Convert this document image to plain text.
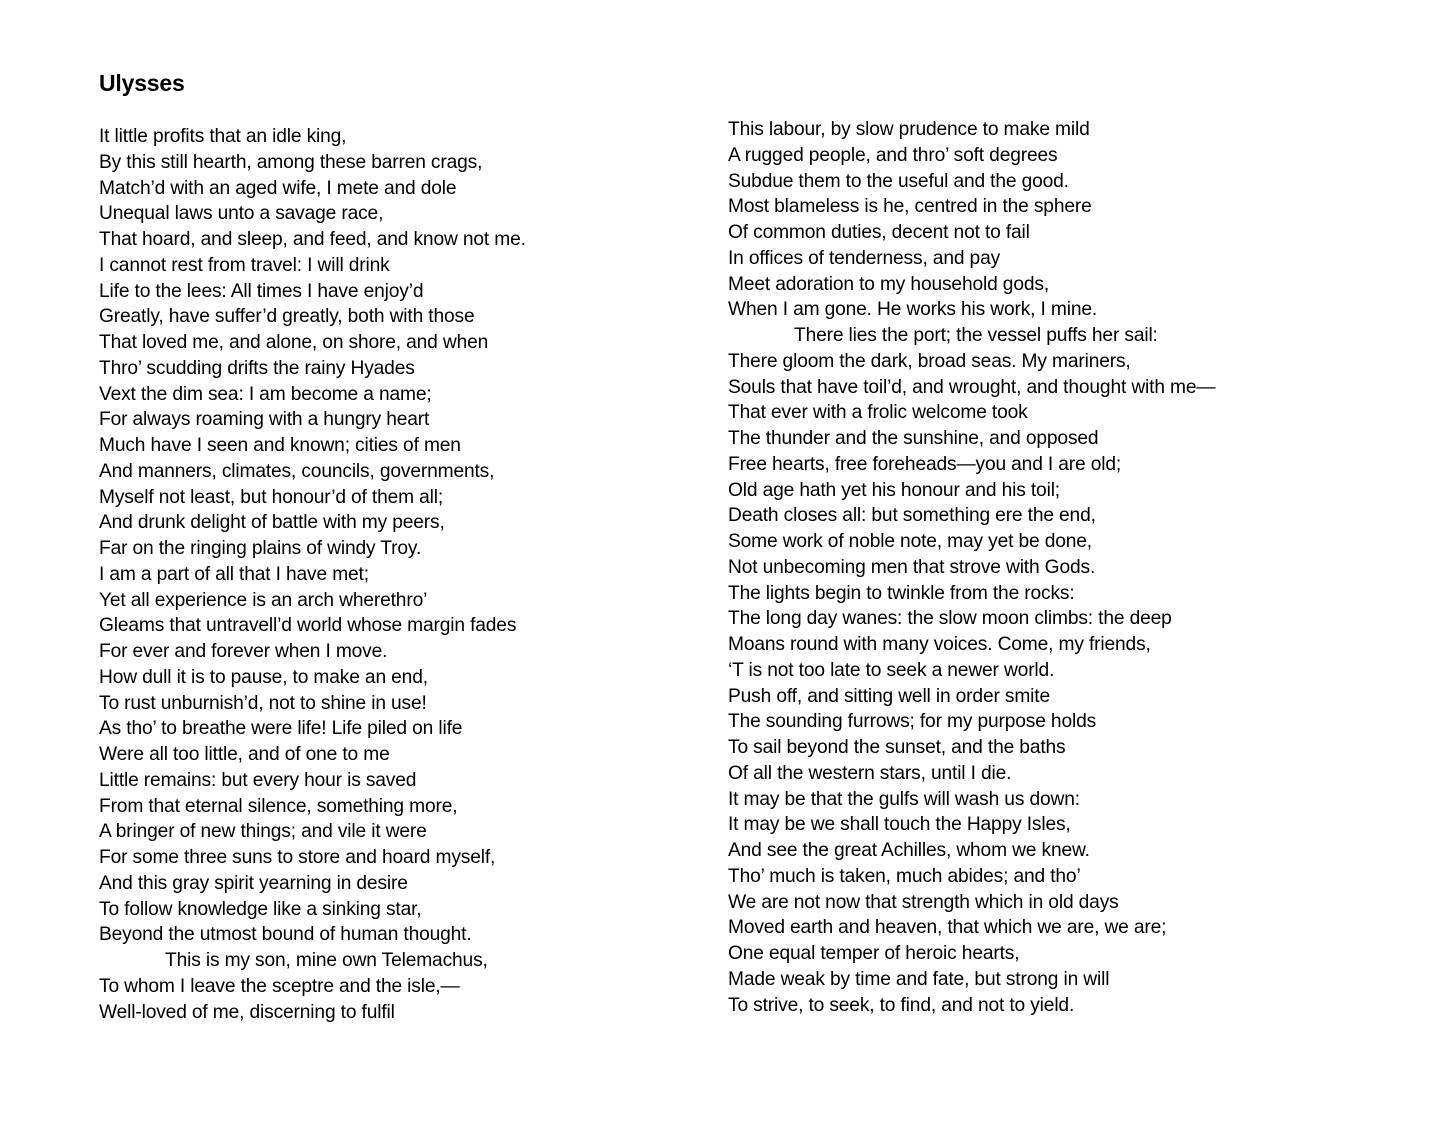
Ulysses
It little profits that an idle king,
By this still hearth, among these barren crags,
Match’d with an aged wife, I mete and dole
Unequal laws unto a savage race,
That hoard, and sleep, and feed, and know not me.
I cannot rest from travel: I will drink
Life to the lees: All times I have enjoy’d
Greatly, have suffer’d greatly, both with those
That loved me, and alone, on shore, and when
Thro’ scudding drifts the rainy Hyades
Vext the dim sea: I am become a name;
For always roaming with a hungry heart
Much have I seen and known; cities of men
And manners, climates, councils, governments,
Myself not least, but honour’d of them all;
And drunk delight of battle with my peers,
Far on the ringing plains of windy Troy.
I am a part of all that I have met;
Yet all experience is an arch wherethro’
Gleams that untravell’d world whose margin fades
For ever and forever when I move.
How dull it is to pause, to make an end,
To rust unburnish’d, not to shine in use!
As tho’ to breathe were life! Life piled on life
Were all too little, and of one to me
Little remains: but every hour is saved
From that eternal silence, something more,
A bringer of new things; and vile it were
For some three suns to store and hoard myself,
And this gray spirit yearning in desire
To follow knowledge like a sinking star,
Beyond the utmost bound of human thought.
This is my son, mine own Telemachus,
To whom I leave the sceptre and the isle,—
Well-loved of me, discerning to fulfil
This labour, by slow prudence to make mild
A rugged people, and thro’ soft degrees
Subdue them to the useful and the good.
Most blameless is he, centred in the sphere
Of common duties, decent not to fail
In offices of tenderness, and pay
Meet adoration to my household gods,
When I am gone. He works his work, I mine.
There lies the port; the vessel puffs her sail:
There gloom the dark, broad seas. My mariners,
Souls that have toil’d, and wrought, and thought with me—
That ever with a frolic welcome took
The thunder and the sunshine, and opposed
Free hearts, free foreheads—you and I are old;
Old age hath yet his honour and his toil;
Death closes all: but something ere the end,
Some work of noble note, may yet be done,
Not unbecoming men that strove with Gods.
The lights begin to twinkle from the rocks:
The long day wanes: the slow moon climbs: the deep
Moans round with many voices. Come, my friends,
‘T is not too late to seek a newer world.
Push off, and sitting well in order smite
The sounding furrows; for my purpose holds
To sail beyond the sunset, and the baths
Of all the western stars, until I die.
It may be that the gulfs will wash us down:
It may be we shall touch the Happy Isles,
And see the great Achilles, whom we knew.
Tho’ much is taken, much abides; and tho’
We are not now that strength which in old days
Moved earth and heaven, that which we are, we are;
One equal temper of heroic hearts,
Made weak by time and fate, but strong in will
To strive, to seek, to find, and not to yield.
